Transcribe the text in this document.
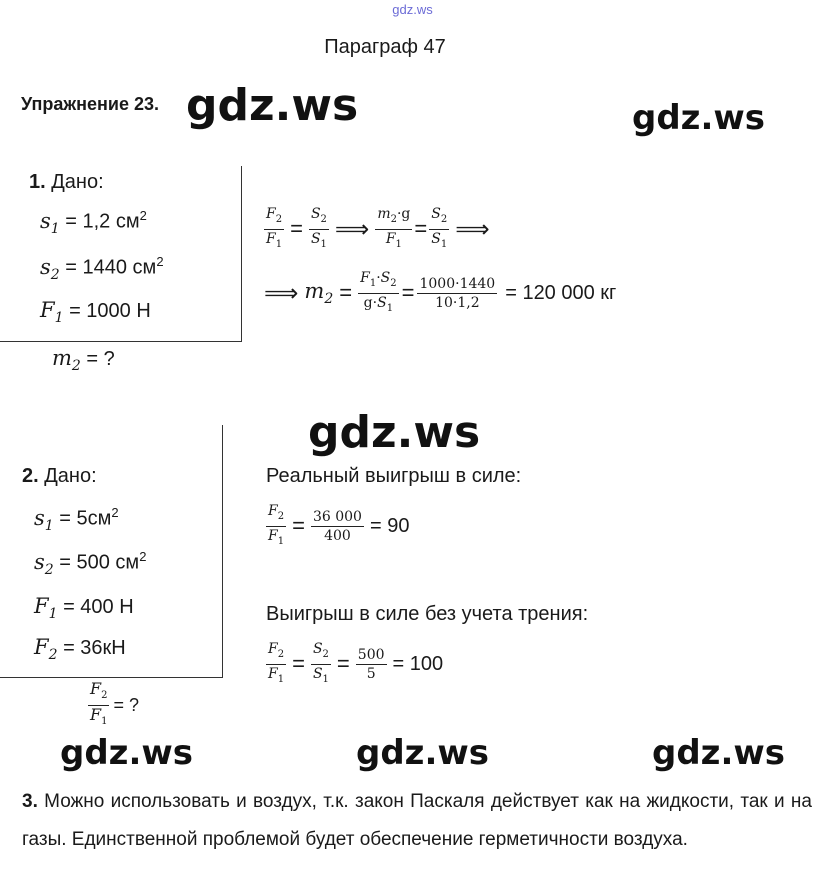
gdz.ws
Параграф 47
Упражнение 23. gdz.ws	gdz.ws
gdz.ws
gdz.ws	gdz.ws	gdz.ws
1. Дано:
$s_1 = 1,2$ $см^2$
$s_2 = 1440$ $см^2$
$F_1 = 1000$ Н
$m_2$ = ?
$\frac{F_2}{F_1} = \frac{S_2}{S_1}$ ⟹ $\frac{m_2\cdot g}{F_1} = \frac{S_2}{S_1}$ ⟹
⟹ $m_2 = \frac{F_1\cdot S_2}{g\cdot S_1} = \frac{1000\cdot 1440}{10\cdot 1,2} = 120$ 000 кг
2. Дано:
$s_1 = 5см^2$
$s_2 = 500$ $см^2$
$F_1 = 400$ Н
$F_2 = 36кН$
$\frac{F_2}{F_1}$ = ?
Реальный выигрыш в силе:
$\frac{F_2}{F_1} = \frac{36 000}{400} = 90$
Выигрыш в силе без учета трения:
$\frac{F_2}{F_1} = \frac{S_2}{S_1} = \frac{500}{5} = 100$
3. Можно использовать и воздух, т.к. закон Паскаля действует как на жидкости, так и на газы. Единственной проблемой будет обеспечение герметичности воздуха.
